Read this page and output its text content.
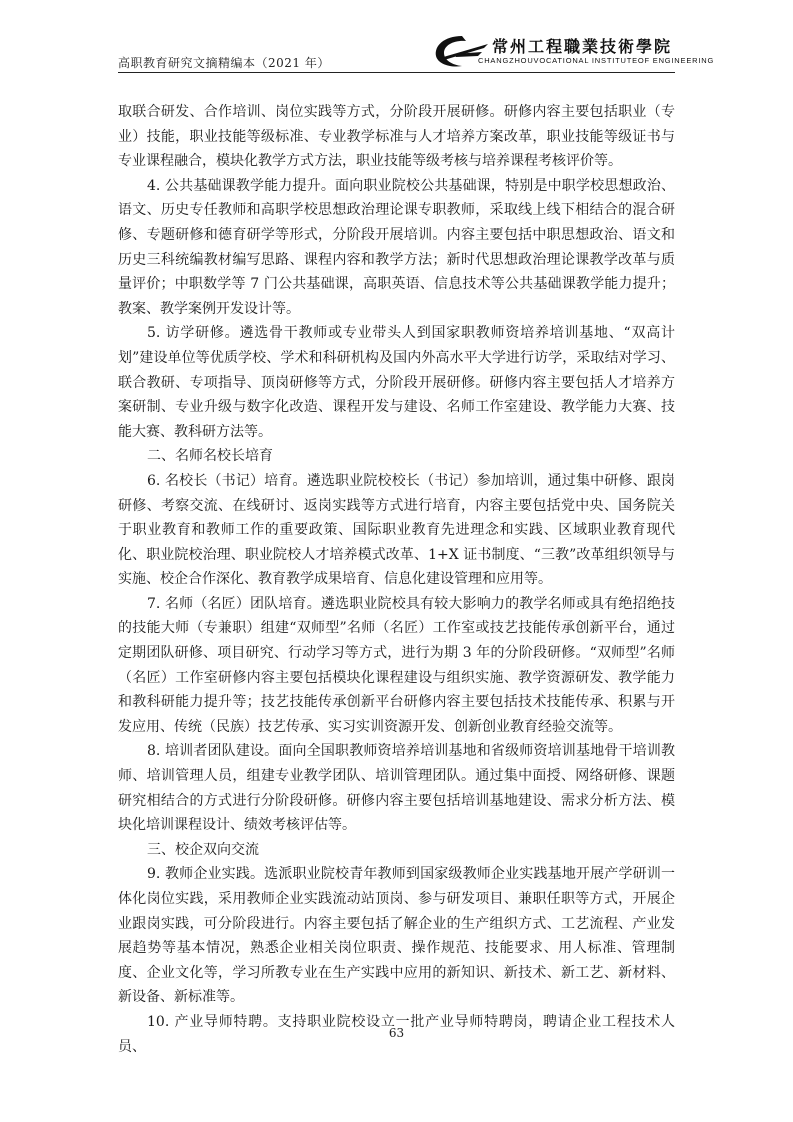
高职教育研究文摘精编本（2021 年）
常州工程職業技術學院
CHANGZHOUVOCATIONAL INSTITUTEOF ENGINEERING

取联合研发、合作培训、岗位实践等方式，分阶段开展研修。研修内容主要包括职业（专业）技能，职业技能等级标准、专业教学标准与人才培养方案改革，职业技能等级证书与专业课程融合，模块化教学方式方法，职业技能等级考核与培养课程考核评价等。

4. 公共基础课教学能力提升。面向职业院校公共基础课，特别是中职学校思想政治、语文、历史专任教师和高职学校思想政治理论课专职教师，采取线上线下相结合的混合研修、专题研修和德育研学等形式，分阶段开展培训。内容主要包括中职思想政治、语文和历史三科统编教材编写思路、课程内容和教学方法；新时代思想政治理论课教学改革与质量评价；中职数学等 7 门公共基础课，高职英语、信息技术等公共基础课教学能力提升；教案、教学案例开发设计等。

5. 访学研修。遴选骨干教师或专业带头人到国家职教师资培养培训基地、“双高计划”建设单位等优质学校、学术和科研机构及国内外高水平大学进行访学，采取结对学习、联合教研、专项指导、顶岗研修等方式，分阶段开展研修。研修内容主要包括人才培养方案研制、专业升级与数字化改造、课程开发与建设、名师工作室建设、教学能力大赛、技能大赛、教科研方法等。

二、名师名校长培育

6. 名校长（书记）培育。遴选职业院校校长（书记）参加培训，通过集中研修、跟岗研修、考察交流、在线研讨、返岗实践等方式进行培育，内容主要包括党中央、国务院关于职业教育和教师工作的重要政策、国际职业教育先进理念和实践、区域职业教育现代化、职业院校治理、职业院校人才培养模式改革、1+X 证书制度、“三教”改革组织领导与实施、校企合作深化、教育教学成果培育、信息化建设管理和应用等。

7. 名师（名匠）团队培育。遴选职业院校具有较大影响力的教学名师或具有绝招绝技的技能大师（专兼职）组建“双师型”名师（名匠）工作室或技艺技能传承创新平台，通过定期团队研修、项目研究、行动学习等方式，进行为期 3 年的分阶段研修。“双师型”名师（名匠）工作室研修内容主要包括模块化课程建设与组织实施、教学资源研发、教学能力和教科研能力提升等；技艺技能传承创新平台研修内容主要包括技术技能传承、积累与开发应用、传统（民族）技艺传承、实习实训资源开发、创新创业教育经验交流等。

8. 培训者团队建设。面向全国职教师资培养培训基地和省级师资培训基地骨干培训教师、培训管理人员，组建专业教学团队、培训管理团队。通过集中面授、网络研修、课题研究相结合的方式进行分阶段研修。研修内容主要包括培训基地建设、需求分析方法、模块化培训课程设计、绩效考核评估等。

三、校企双向交流

9. 教师企业实践。选派职业院校青年教师到国家级教师企业实践基地开展产学研训一体化岗位实践，采用教师企业实践流动站顶岗、参与研发项目、兼职任职等方式，开展企业跟岗实践，可分阶段进行。内容主要包括了解企业的生产组织方式、工艺流程、产业发展趋势等基本情况，熟悉企业相关岗位职责、操作规范、技能要求、用人标准、管理制度、企业文化等，学习所教专业在生产实践中应用的新知识、新技术、新工艺、新材料、新设备、新标准等。

10. 产业导师特聘。支持职业院校设立一批产业导师特聘岗，聘请企业工程技术人员、

63
